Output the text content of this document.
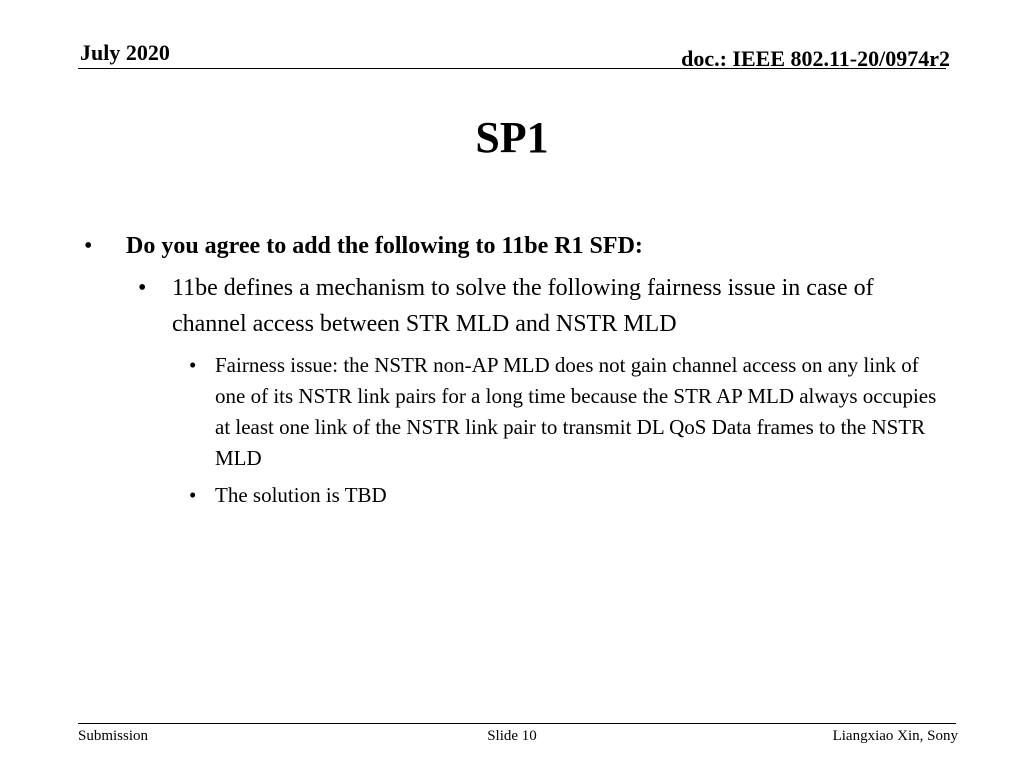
July 2020	doc.: IEEE 802.11-20/0974r2
SP1
• Do you agree to add the following to 11be R1 SFD:
• 11be defines a mechanism to solve the following fairness issue in case of channel access between STR MLD and NSTR MLD
• Fairness issue: the NSTR non-AP MLD does not gain channel access on any link of one of its NSTR link pairs for a long time because the STR AP MLD always occupies at least one link of the NSTR link pair to transmit DL QoS Data frames to the NSTR MLD
• The solution is TBD
Submission	Slide 10	Liangxiao Xin, Sony
